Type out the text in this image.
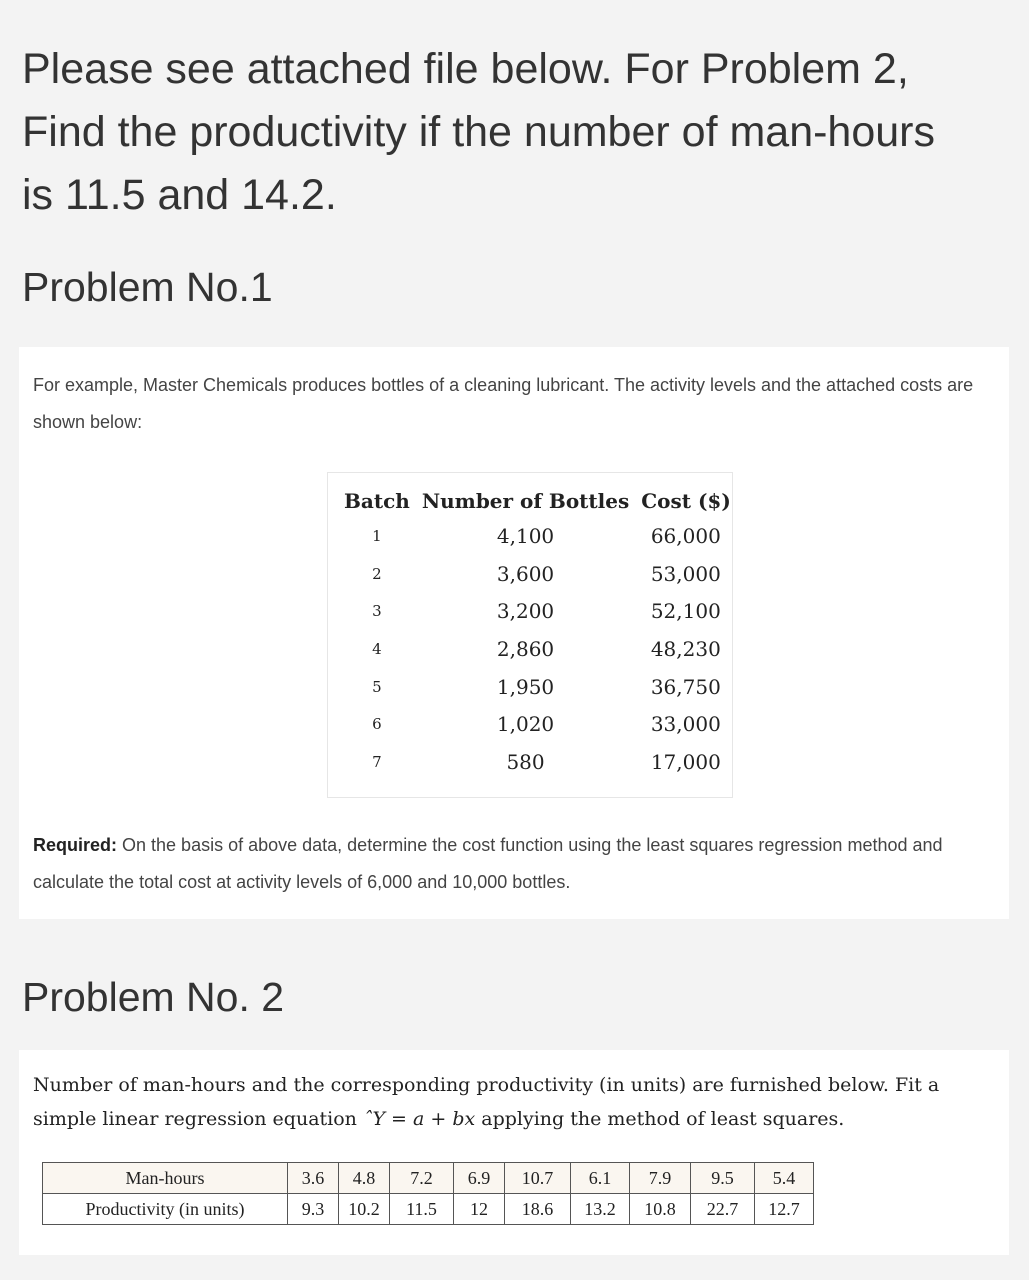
Please see attached file below. For Problem 2,
Find the productivity if the number of man-hours
is 11.5 and 14.2.

Problem No.1

For example, Master Chemicals produces bottles of a cleaning lubricant. The activity levels and the attached costs are shown below:

Batch	Number of Bottles	Cost ($)
1	4,100	66,000
2	3,600	53,000
3	3,200	52,100
4	2,860	48,230
5	1,950	36,750
6	1,020	33,000
7	580	17,000

Required: On the basis of above data, determine the cost function using the least squares regression method and calculate the total cost at activity levels of 6,000 and 10,000 bottles.

Problem No. 2

Number of man-hours and the corresponding productivity (in units) are furnished below. Fit a simple linear regression equation ˆY = a + bx applying the method of least squares.

Man-hours	3.6	4.8	7.2	6.9	10.7	6.1	7.9	9.5	5.4
Productivity (in units)	9.3	10.2	11.5	12	18.6	13.2	10.8	22.7	12.7
